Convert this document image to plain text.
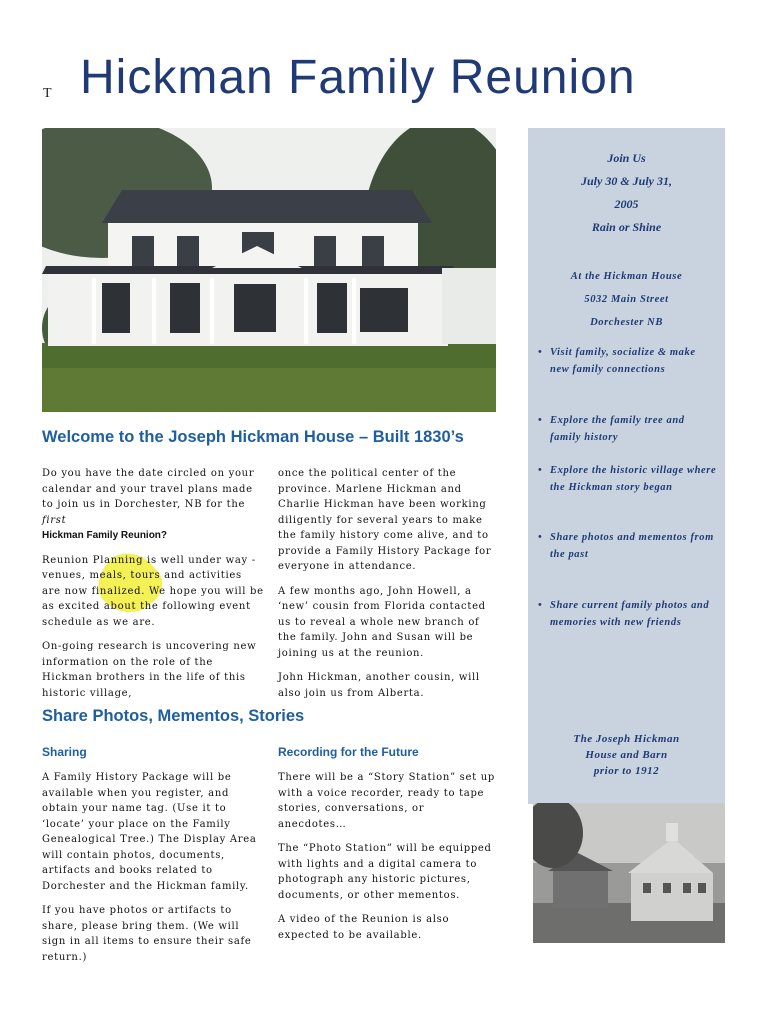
T Hickman Family Reunion
Join Us
July 30 & July 31,
2005
Rain or Shine
At the Hickman House
5032 Main Street
Dorchester NB
• Visit family, socialize & make new family connections
• Explore the family tree and family history
• Explore the historic village where the Hickman story began
• Share photos and mementos from the past
• Share current family photos and memories with new friends
The Joseph Hickman
House and Barn
prior to 1912
Welcome to the Joseph Hickman House – Built 1830’s

Do you have the date circled on your calendar and your travel plans made to join us in Dorchester, NB for the first
Hickman Family Reunion?

Reunion Planning is well under way - venues, meals, tours and activities are now finalized. We hope you will be as excited about the following event schedule as we are.

On-going research is uncovering new information on the role of the Hickman brothers in the life of this historic village,

once the political center of the province. Marlene Hickman and Charlie Hickman have been working diligently for several years to make the family history come alive, and to provide a Family History Package for everyone in attendance.

A few months ago, John Howell, a ‘new’ cousin from Florida contacted us to reveal a whole new branch of the family. John and Susan will be joining us at the reunion.

John Hickman, another cousin, will also join us from Alberta.

Share Photos, Mementos, Stories
Sharing	Recording for the Future

A Family History Package will be available when you register, and obtain your name tag. (Use it to ‘locate’ your place on the Family Genealogical Tree.) The Display Area will contain photos, documents, artifacts and books related to Dorchester and the Hickman family.

If you have photos or artifacts to share, please bring them. (We will sign in all items to ensure their safe return.)

There will be a “Story Station” set up with a voice recorder, ready to tape stories, conversations, or anecdotes…

The “Photo Station” will be equipped with lights and a digital camera to photograph any historic pictures, documents, or other mementos.

A video of the Reunion is also expected to be available.
